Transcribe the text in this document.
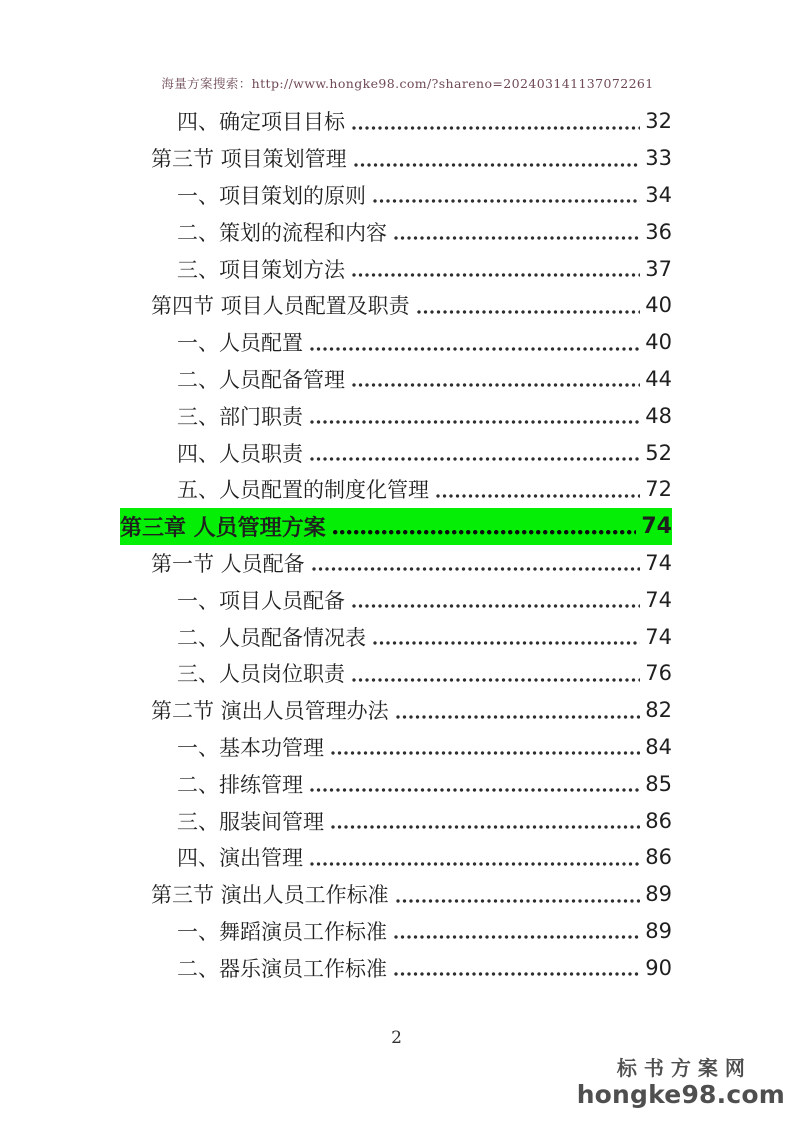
海量方案搜索：http://www.hongke98.com/?shareno=202403141137072261
四、确定项目目标	32
第三节 项目策划管理	33
一、项目策划的原则	34
二、策划的流程和内容	36
三、项目策划方法	37
第四节 项目人员配置及职责	40
一、人员配置	40
二、人员配备管理	44
三、部门职责	48
四、人员职责	52
五、人员配置的制度化管理	72
第三章 人员管理方案	74
第一节 人员配备	74
一、项目人员配备	74
二、人员配备情况表	74
三、人员岗位职责	76
第二节 演出人员管理办法	82
一、基本功管理	84
二、排练管理	85
三、服装间管理	86
四、演出管理	86
第三节 演出人员工作标准	89
一、舞蹈演员工作标准	89
二、器乐演员工作标准	90
2
标书方案网
hongke98.com
